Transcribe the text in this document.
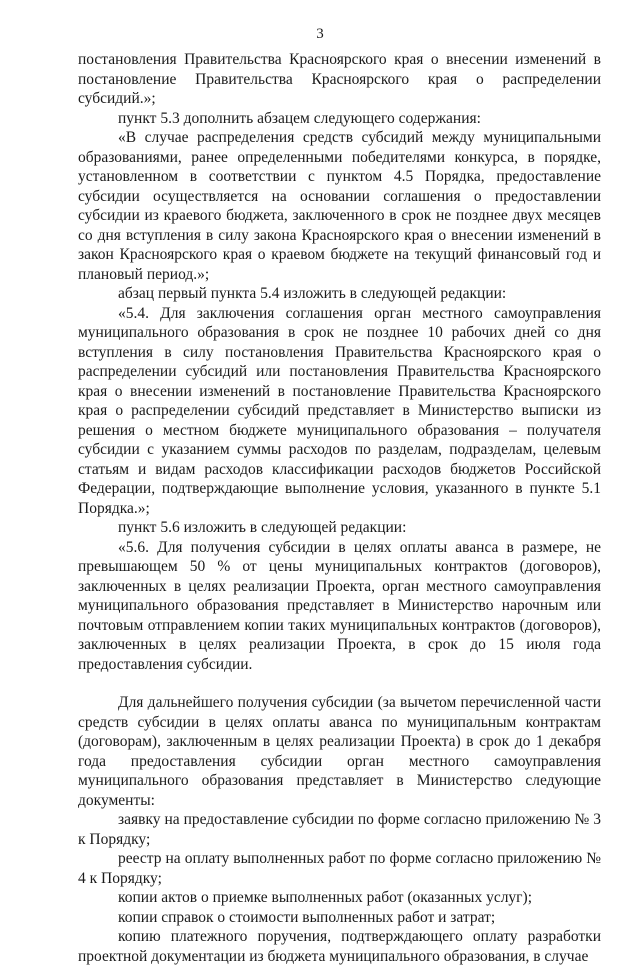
3

постановления Правительства Красноярского края о внесении изменений в постановление Правительства Красноярского края о распределении субсидий.»;

пункт 5.3 дополнить абзацем следующего содержания:

«В случае распределения средств субсидий между муниципальными образованиями, ранее определенными победителями конкурса, в порядке, установленном в соответствии с пунктом 4.5 Порядка, предоставление субсидии осуществляется на основании соглашения о предоставлении субсидии из краевого бюджета, заключенного в срок не позднее двух месяцев со дня вступления в силу закона Красноярского края о внесении изменений в закон Красноярского края о краевом бюджете на текущий финансовый год и плановый период.»;

абзац первый пункта 5.4 изложить в следующей редакции:

«5.4. Для заключения соглашения орган местного самоуправления муниципального образования в срок не позднее 10 рабочих дней со дня вступления в силу постановления Правительства Красноярского края о распределении субсидий или постановления Правительства Красноярского края о внесении изменений в постановление Правительства Красноярского края о распределении субсидий представляет в Министерство выписки из решения о местном бюджете муниципального образования – получателя субсидии с указанием суммы расходов по разделам, подразделам, целевым статьям и видам расходов классификации расходов бюджетов Российской Федерации, подтверждающие выполнение условия, указанного в пункте 5.1 Порядка.»;

пункт 5.6 изложить в следующей редакции:

«5.6. Для получения субсидии в целях оплаты аванса в размере, не превышающем 50 % от цены муниципальных контрактов (договоров), заключенных в целях реализации Проекта, орган местного самоуправления муниципального образования представляет в Министерство нарочным или почтовым отправлением копии таких муниципальных контрактов (договоров), заключенных в целях реализации Проекта, в срок до 15 июля года предоставления субсидии.

Для дальнейшего получения субсидии (за вычетом перечисленной части средств субсидии в целях оплаты аванса по муниципальным контрактам (договорам), заключенным в целях реализации Проекта) в срок до 1 декабря года предоставления субсидии орган местного самоуправления муниципального образования представляет в Министерство следующие документы:

заявку на предоставление субсидии по форме согласно приложению № 3 к Порядку;

реестр на оплату выполненных работ по форме согласно приложению № 4 к Порядку;

копии актов о приемке выполненных работ (оказанных услуг);

копии справок о стоимости выполненных работ и затрат;

копию платежного поручения, подтверждающего оплату разработки проектной документации из бюджета муниципального образования, в случае
